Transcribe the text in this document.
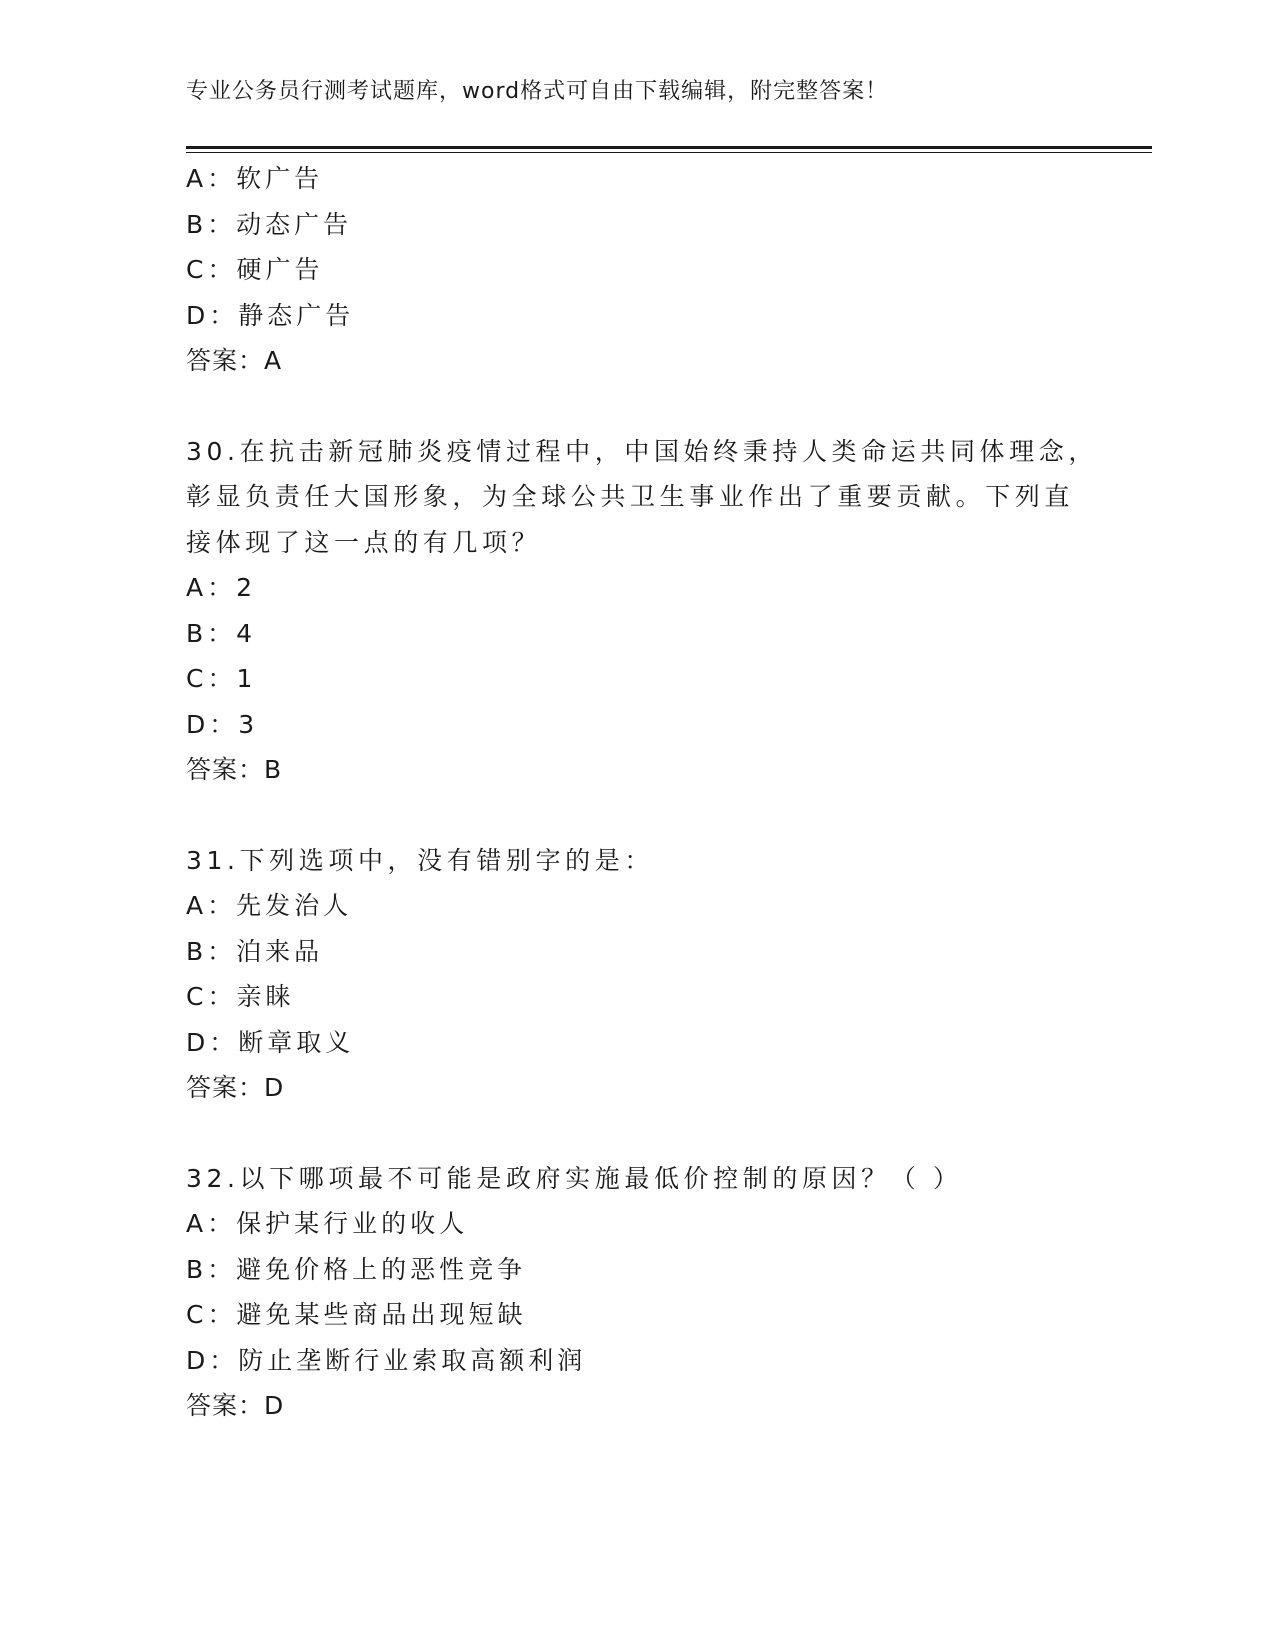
专业公务员行测考试题库，word格式可自由下载编辑，附完整答案！
A：软广告
B：动态广告
C：硬广告
D：静态广告
答案：A
30.在抗击新冠肺炎疫情过程中，中国始终秉持人类命运共同体理念，
彰显负责任大国形象，为全球公共卫生事业作出了重要贡献。下列直
接体现了这一点的有几项？
A：2
B：4
C：1
D：3
答案：B
31.下列选项中，没有错别字的是：
A：先发治人
B：泊来品
C：亲睐
D：断章取义
答案：D
32.以下哪项最不可能是政府实施最低价控制的原因？（ ）
A：保护某行业的收人
B：避免价格上的恶性竞争
C：避免某些商品出现短缺
D：防止垄断行业索取高额利润
答案：D
